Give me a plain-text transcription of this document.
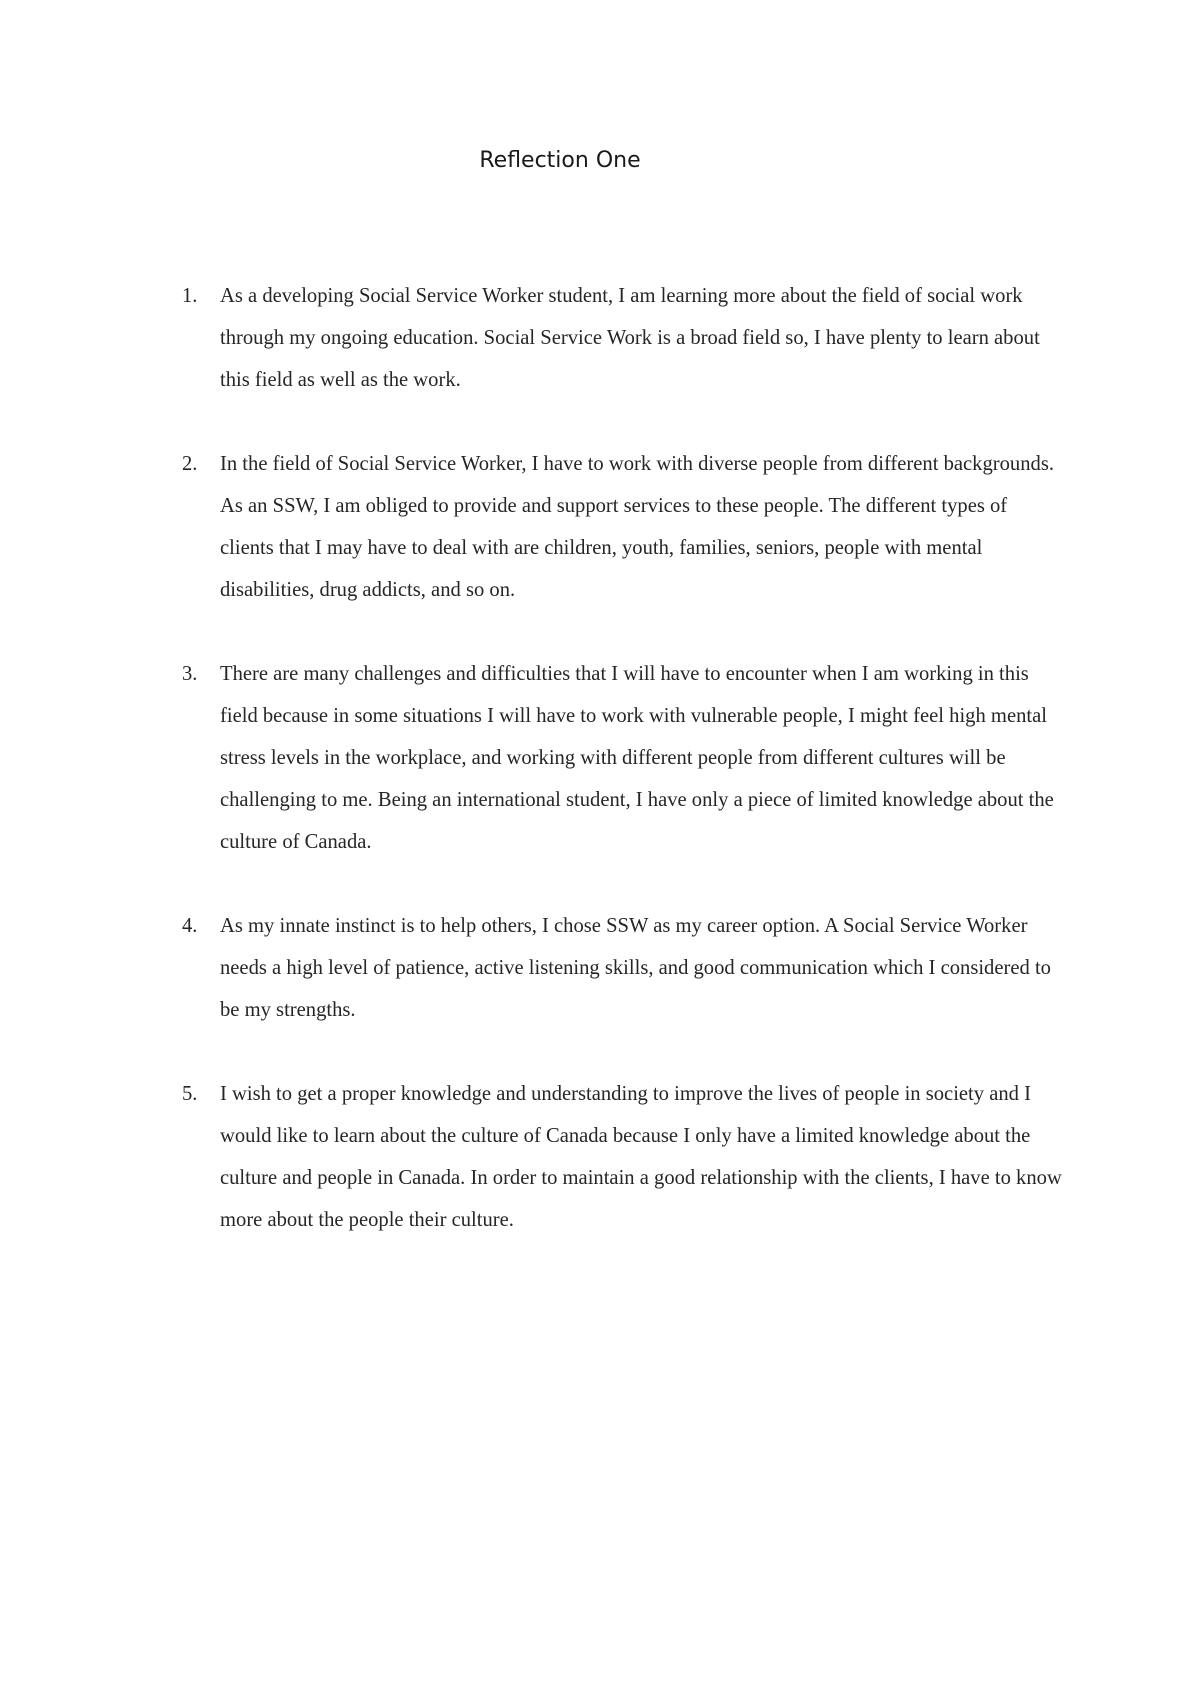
Reflection One
1. As a developing Social Service Worker student, I am learning more about the field of social work through my ongoing education. Social Service Work is a broad field so, I have plenty to learn about this field as well as the work.
2. In the field of Social Service Worker, I have to work with diverse people from different backgrounds. As an SSW, I am obliged to provide and support services to these people. The different types of clients that I may have to deal with are children, youth, families, seniors, people with mental disabilities, drug addicts, and so on.
3. There are many challenges and difficulties that I will have to encounter when I am working in this field because in some situations I will have to work with vulnerable people, I might feel high mental stress levels in the workplace, and working with different people from different cultures will be challenging to me. Being an international student, I have only a piece of limited knowledge about the culture of Canada.
4. As my innate instinct is to help others, I chose SSW as my career option. A Social Service Worker needs a high level of patience, active listening skills, and good communication which I considered to be my strengths.
5. I wish to get a proper knowledge and understanding to improve the lives of people in society and I would like to learn about the culture of Canada because I only have a limited knowledge about the culture and people in Canada. In order to maintain a good relationship with the clients, I have to know more about the people their culture.
